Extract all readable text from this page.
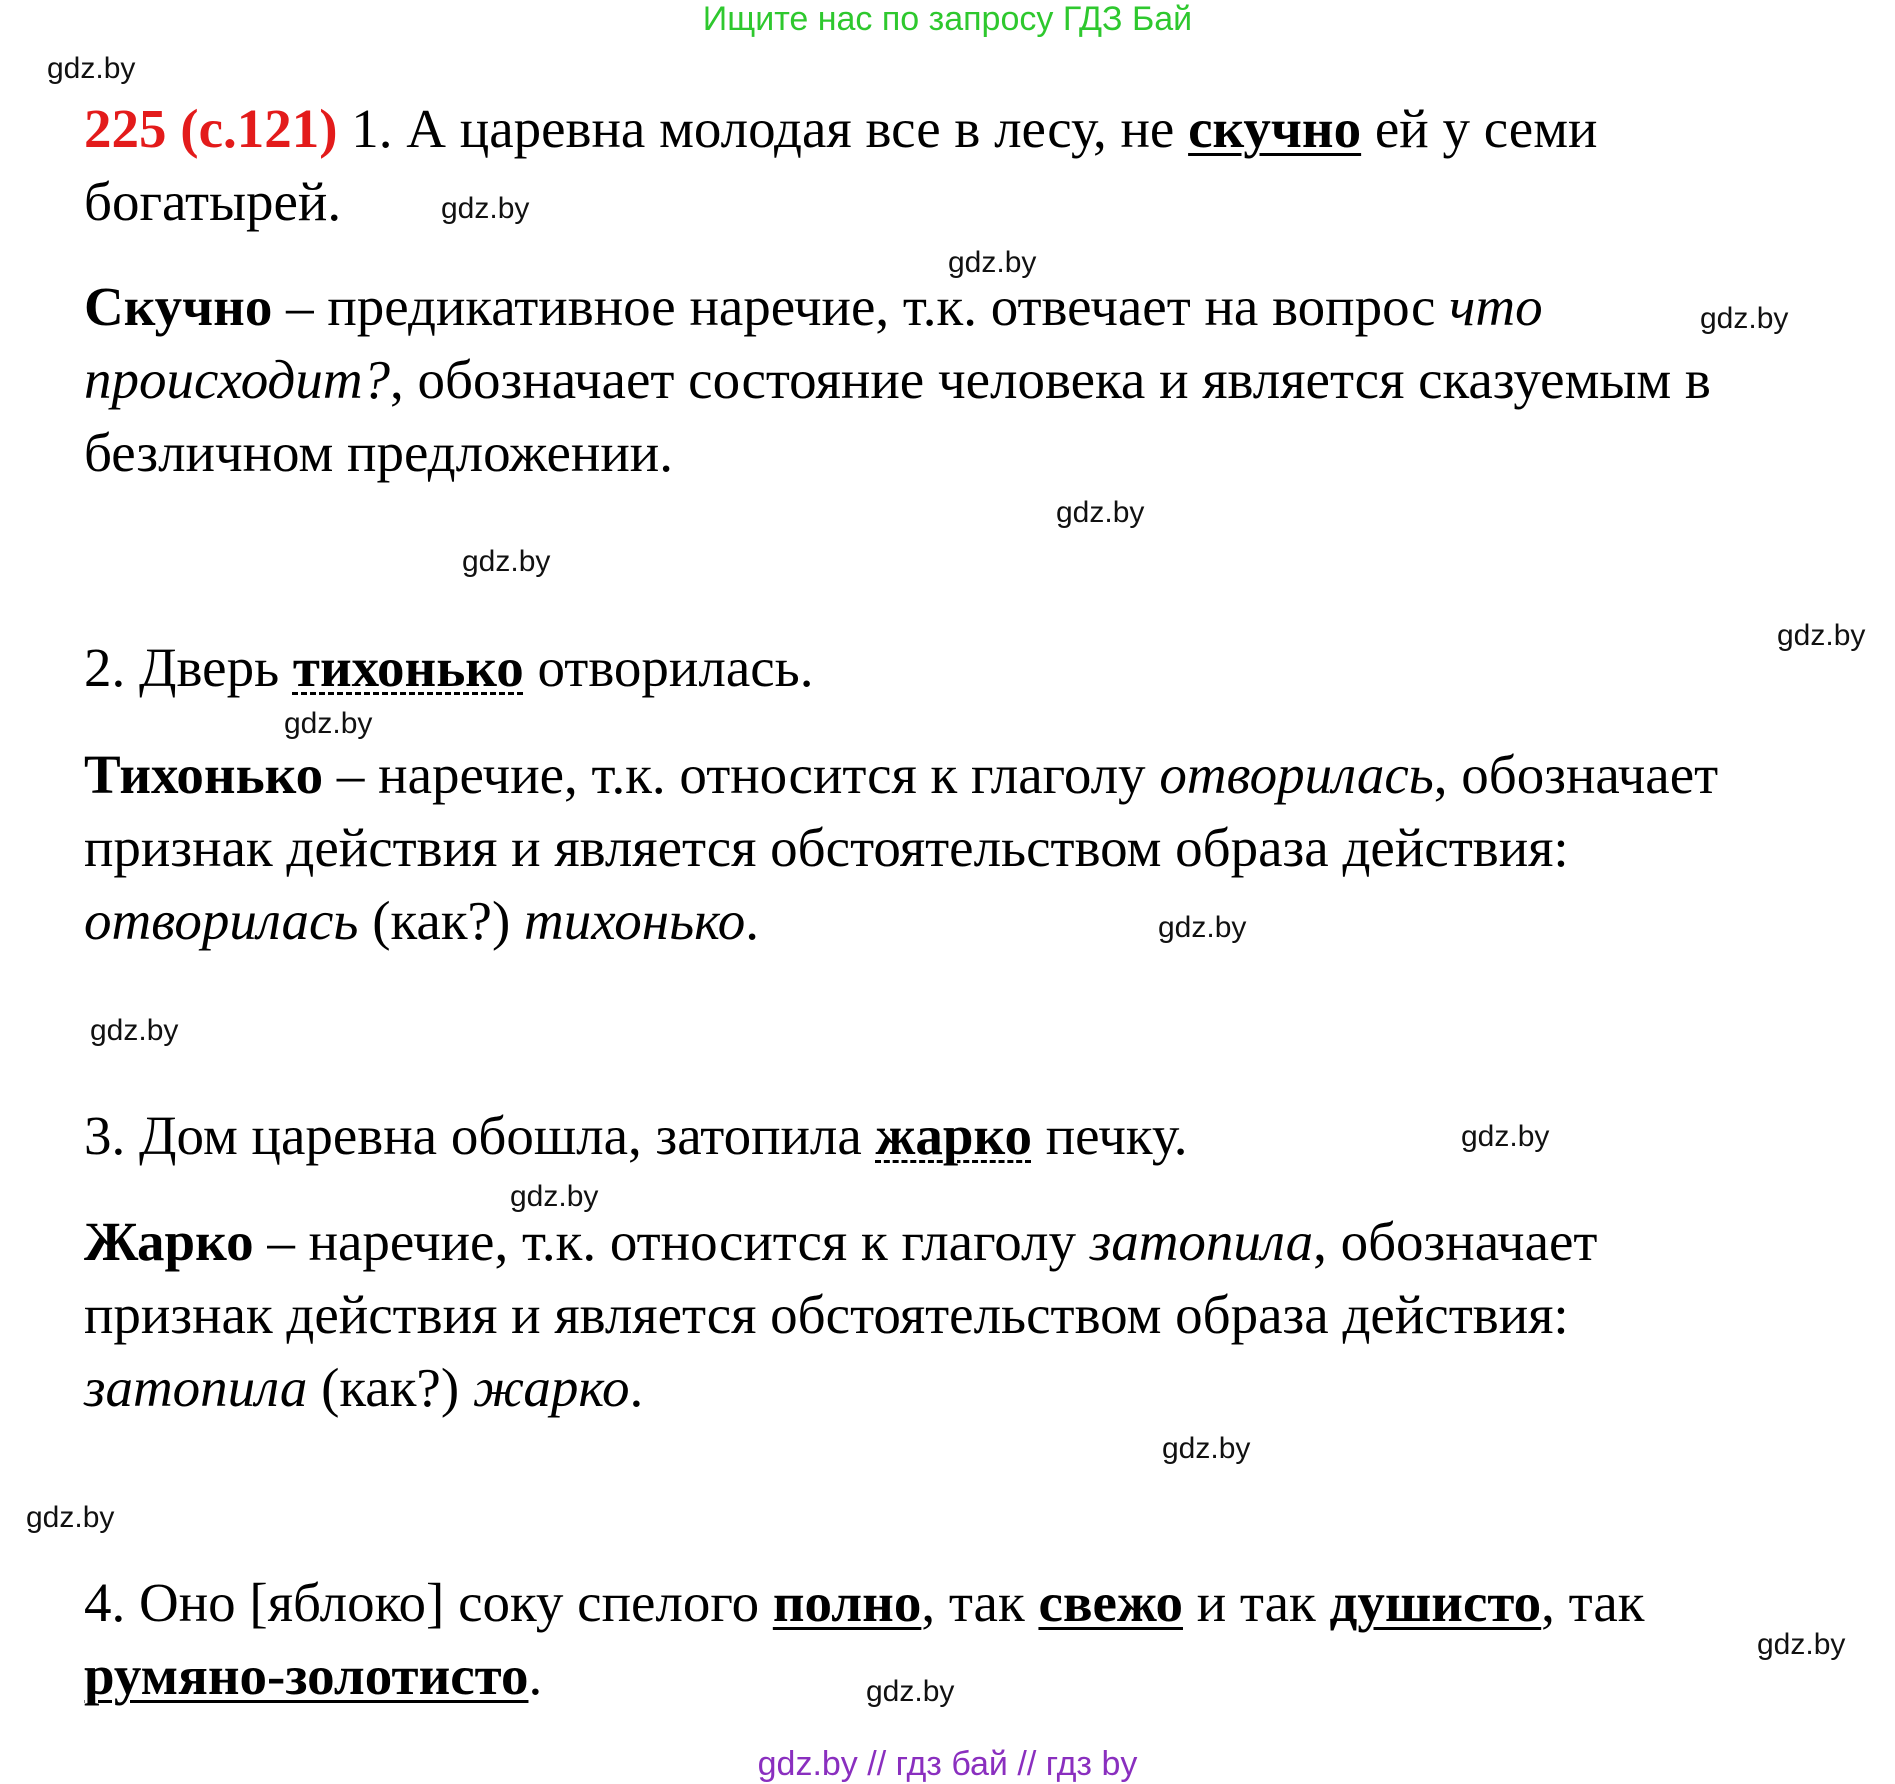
Ищите нас по запросу ГДЗ Бай
gdz.by
gdz.by
gdz.by
gdz.by
gdz.by
gdz.by
gdz.by
gdz.by
gdz.by
gdz.by
gdz.by
gdz.by
gdz.by
gdz.by
gdz.by
gdz.by
225 (с.121) 1. А царевна молодая все в лесу, не скучно ей у семи
богатырей.
Скучно – предикативное наречие, т.к. отвечает на вопрос что
происходит?, обозначает состояние человека и является сказуемым в
безличном предложении.
2. Дверь тихонько отворилась.
Тихонько – наречие, т.к. относится к глаголу отворилась, обозначает
признак действия и является обстоятельством образа действия:
отворилась (как?) тихонько.
3. Дом царевна обошла, затопила жарко печку.
Жарко – наречие, т.к. относится к глаголу затопила, обозначает
признак действия и является обстоятельством образа действия:
затопила (как?) жарко.
4. Оно [яблоко] соку спелого полно, так свежо и так душисто, так
румяно-золотисто.
gdz.by // гдз бай // гдз by
